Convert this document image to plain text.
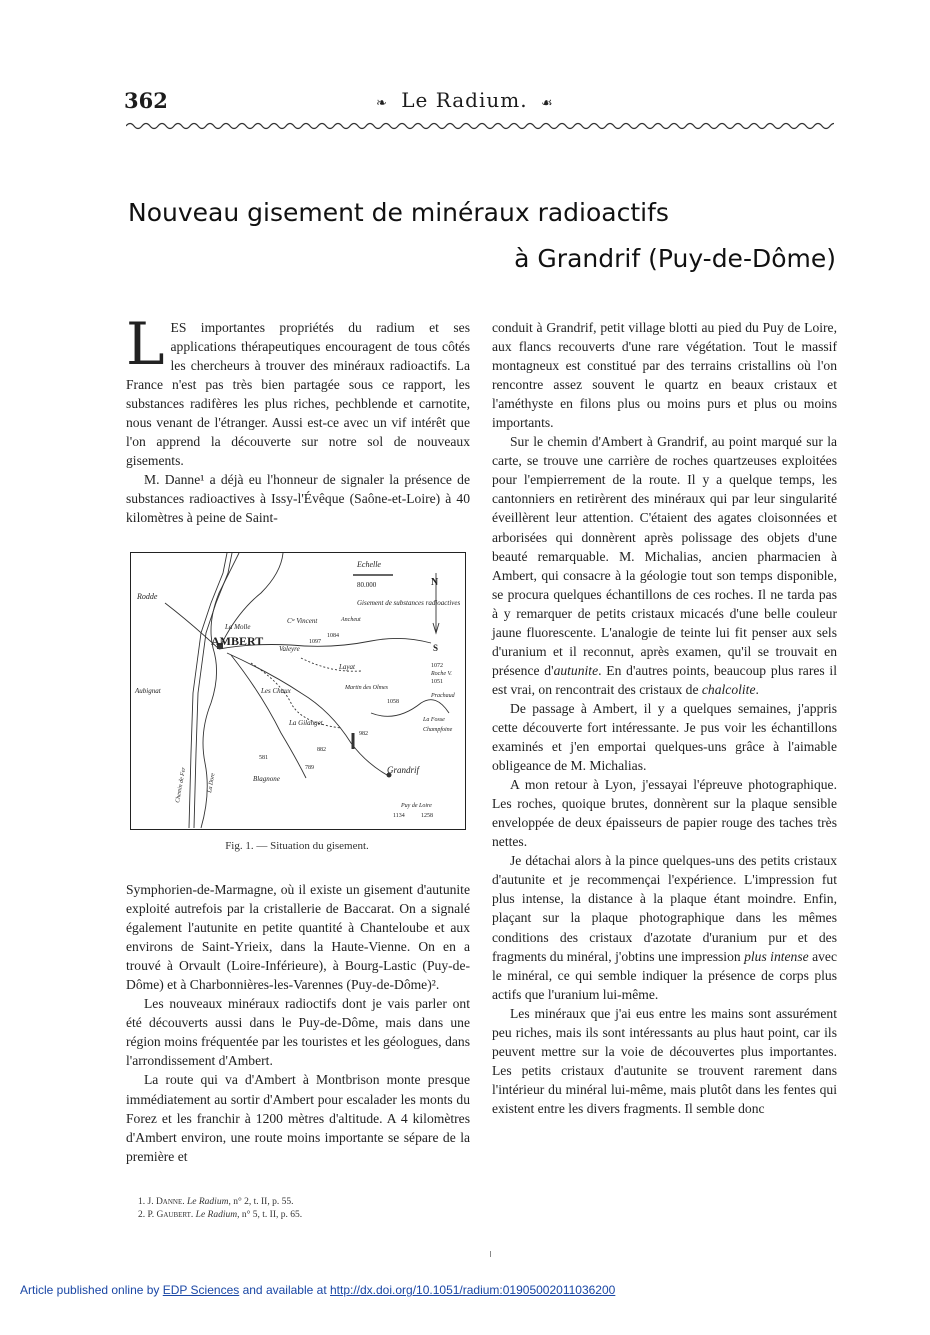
362	❧ Le Radium. ☙
Nouveau gisement de minéraux radioactifs
à Grandrif (Puy-de-Dôme)

LES importantes propriétés du radium et ses applications thérapeutiques encouragent de tous côtés les chercheurs à trouver des minéraux radioactifs. La France n'est pas très bien partagée sous ce rapport, les substances radifères les plus riches, pechblende et carnotite, nous venant de l'étranger. Aussi est-ce avec un vif intérêt que l'on apprend la découverte sur notre sol de nouveaux gisements.

M. Danne¹ a déjà eu l'honneur de signaler la présence de substances radioactives à Issy-l'Évêque (Saône-et-Loire) à 40 kilomètres à peine de Saint-

Echelle
80.000	N
S
Gisement de substances radioactives
AMBERT
Grandrif
Rodde
Aubignat
La Molle
Cᵗᵉ Vincent
Valeyre
Layat
Les Chaux	Martin des Olmes
La Gilanget
Blagnone
Puy de Loire
Roche V.
Prachaud
Champfoine
La Fosse
Ancheut
Chemin de Fer	La Dore
1084
1097
1058
982
882
789
581
1134	1258
1072
1051
Fig. 1. — Situation du gisement.

Symphorien-de-Marmagne, où il existe un gisement d'autunite exploité autrefois par la cristallerie de Baccarat. On a signalé également l'autunite en petite quantité à Chanteloube et aux environs de Saint-Yrieix, dans la Haute-Vienne. On en a trouvé à Orvault (Loire-Inférieure), à Bourg-Lastic (Puy-de-Dôme) et à Charbonnières-les-Varennes (Puy-de-Dôme)².

Les nouveaux minéraux radioctifs dont je vais parler ont été découverts aussi dans le Puy-de-Dôme, mais dans une région moins fréquentée par les touristes et les géologues, dans l'arrondissement d'Ambert.

La route qui va d'Ambert à Montbrison monte presque immédiatement au sortir d'Ambert pour escalader les monts du Forez et les franchir à 1200 mètres d'altitude. A 4 kilomètres d'Ambert environ, une route moins importante se sépare de la première et

1. J. Danne. Le Radium, n° 2, t. II, p. 55.
2. P. Gaubert. Le Radium, n° 5, t. II, p. 65.

conduit à Grandrif, petit village blotti au pied du Puy de Loire, aux flancs recouverts d'une rare végétation. Tout le massif montagneux est constitué par des terrains cristallins où l'on rencontre assez souvent le quartz en beaux cristaux et l'améthyste en filons plus ou moins purs et plus ou moins importants.

Sur le chemin d'Ambert à Grandrif, au point marqué sur la carte, se trouve une carrière de roches quartzeuses exploitées pour l'empierrement de la route. Il y a quelque temps, les cantonniers en retirèrent des minéraux qui par leur singularité éveillèrent leur attention. C'étaient des agates cloisonnées et arborisées qui donnèrent après polissage des objets d'une beauté remarquable. M. Michalias, ancien pharmacien à Ambert, qui consacre à la géologie tout son temps disponible, se procura quelques échantillons de ces roches. Il ne tarda pas à y remarquer de petits cristaux micacés d'une belle couleur jaune fluorescente. L'analogie de teinte lui fit penser aux sels d'uranium et il reconnut, après examen, qu'il se trouvait en présence d'autunite. En d'autres points, beaucoup plus rares il est vrai, on rencontrait des cristaux de chalcolite.

De passage à Ambert, il y a quelques semaines, j'appris cette découverte fort intéressante. Je pus voir les échantillons examinés et j'en emportai quelques-uns grâce à l'aimable obligeance de M. Michalias.

A mon retour à Lyon, j'essayai l'épreuve photographique. Les roches, quoique brutes, donnèrent sur la plaque sensible enveloppée de deux épaisseurs de papier rouge des taches très nettes.

Je détachai alors à la pince quelques-uns des petits cristaux d'autunite et je recommençai l'expérience. L'impression fut plus intense, la distance à la plaque étant moindre. Enfin, plaçant sur la plaque photographique dans les mêmes conditions des cristaux d'azotate d'uranium pur et des fragments du minéral, j'obtins une impression plus intense avec le minéral, ce qui semble indiquer la présence de corps plus actifs que l'uranium lui-même.

Les minéraux que j'ai eus entre les mains sont assurément peu riches, mais ils sont intéressants au plus haut point, car ils peuvent mettre sur la voie de découvertes plus importantes. Les petits cristaux d'autunite se trouvent rarement dans l'intérieur du minéral lui-même, mais plutôt dans les fentes qui existent entre les divers fragments. Il semble donc

Article published online by EDP Sciences and available at http://dx.doi.org/10.1051/radium:01905002011036200
